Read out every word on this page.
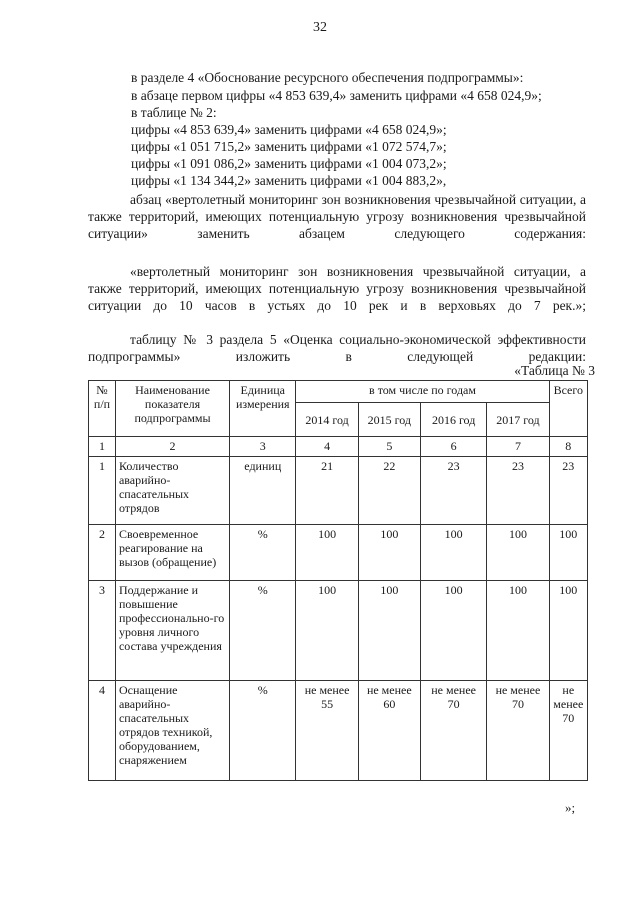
32
в разделе 4 «Обоснование ресурсного обеспечения подпрограммы»:
в абзаце первом цифры «4 853 639,4» заменить цифрами «4 658 024,9»;
в таблице № 2:
цифры «4 853 639,4» заменить цифрами «4 658 024,9»;
цифры «1 051 715,2» заменить цифрами «1 072 574,7»;
цифры «1 091 086,2» заменить цифрами «1 004 073,2»;
цифры «1 134 344,2» заменить цифрами «1 004 883,2»,
абзац «вертолетный мониторинг зон возникновения чрезвычайной ситуации, а также территорий, имеющих потенциальную угрозу возникновения чрезвычайной ситуации» заменить абзацем следующего содержания:
«вертолетный мониторинг зон возникновения чрезвычайной ситуации, а также территорий, имеющих потенциальную угрозу возникновения чрезвычайной ситуации до 10 часов в устьях до 10 рек и в верховьях до 7 рек.»;
таблицу № 3 раздела 5 «Оценка социально-экономической эффективности подпрограммы» изложить в следующей редакции:
«Таблица № 3
№ п/п	Наименование показателя подпрограммы	Единица измерения	в том числе по годам				Всего
			2014 год	2015 год	2016 год	2017 год	
1	2	3	4	5	6	7	8
1	Количество аварийно-спасательных отрядов	единиц	21	22	23	23	23
2	Своевременное реагирование на вызов (обращение)	%	100	100	100	100	100
3	Поддержание и повышение профессионально-го уровня личного состава учреждения	%	100	100	100	100	100
4	Оснащение аварийно-спасательных отрядов техникой, оборудованием, снаряжением	%	не менее 55	не менее 60	не менее 70	не менее 70	не менее 70
»;
